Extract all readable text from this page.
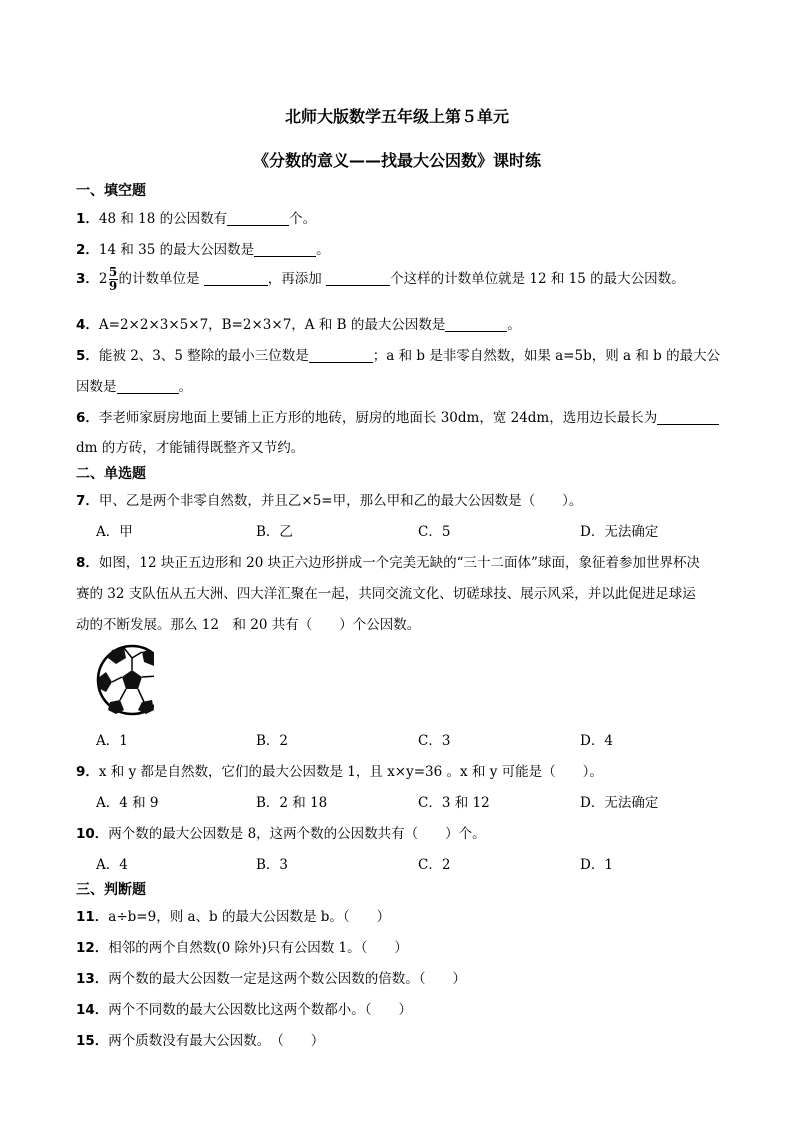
北师大版数学五年级上第５单元
《分数的意义——找最大公因数》课时练
一、填空题
1．48 和 18 的公因数有	个。
2．14 和 35 的最大公因数是	。
3．$2 \frac{5}{9}$ 的计数单位是	，再添加	个这样的计数单位就是 12 和 15 的最大公因数。
4．A=2×2×3×5×7，B=2×3×7，A 和 B 的最大公因数是	。
5．能被 2、3、5 整除的最小三位数是	；a 和 b 是非零自然数，如果 a=5b，则 a 和 b 的最大公
因数是	。
6．李老师家厨房地面上要铺上正方形的地砖，厨房的地面长 30dm，宽 24dm，选用边长最长为
dm 的方砖，才能铺得既整齐又节约。
二、单选题
7．甲、乙是两个非零自然数，并且乙×5=甲，那么甲和乙的最大公因数是（　　）。
A．甲	B．乙	C．5	D．无法确定
8．如图，12 块正五边形和 20 块正六边形拼成一个完美无缺的“三十二面体”球面，象征着参加世界杯决
赛的 32 支队伍从五大洲、四大洋汇聚在一起，共同交流文化、切磋球技、展示风采，并以此促进足球运
动的不断发展。那么 12　和 20 共有（　　）个公因数。
A．1	B．2	C．3	D．4
9．x 和 y 都是自然数，它们的最大公因数是 1，且 x×y=36 。x 和 y 可能是（　　）。
A．4 和 9	B．2 和 18	C．3 和 12	D．无法确定
10．两个数的最大公因数是 8，这两个数的公因数共有（　　）个。
A．4	B．3	C．2	D．1
三、判断题
11．a÷b=9，则 a、b 的最大公因数是 b。（　　）
12．相邻的两个自然数(0 除外)只有公因数 1。（　　）
13．两个数的最大公因数一定是这两个数公因数的倍数。（　　）
14．两个不同数的最大公因数比这两个数都小。（　　）
15．两个质数没有最大公因数。　（　　）
